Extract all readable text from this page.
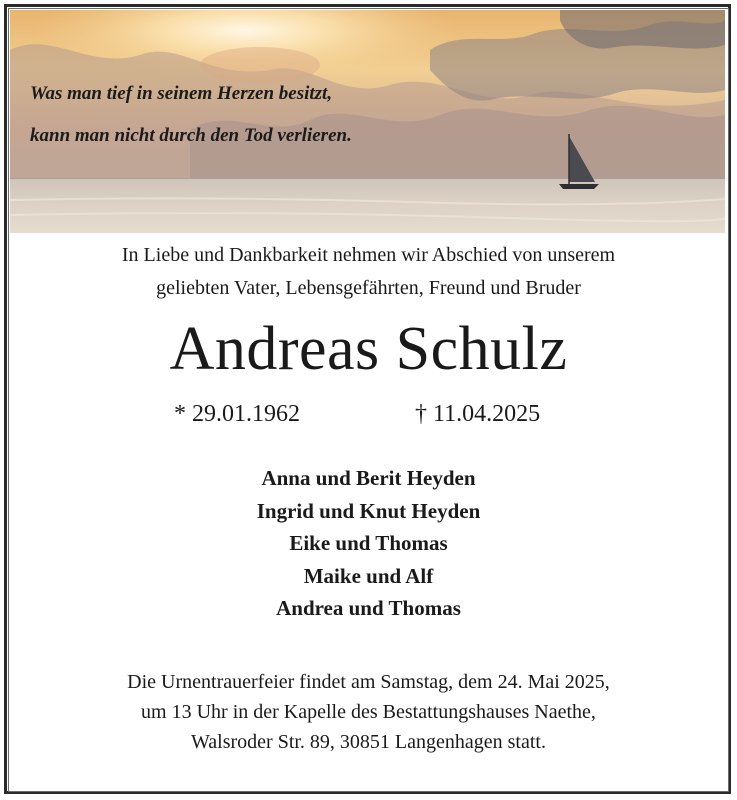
Was man tief in seinem Herzen besitzt,
kann man nicht durch den Tod verlieren.
In Liebe und Dankbarkeit nehmen wir Abschied von unserem
geliebten Vater, Lebensgefährten, Freund und Bruder
Andreas Schulz
* 29.01.1962	† 11.04.2025
Anna und Berit Heyden
Ingrid und Knut Heyden
Eike und Thomas
Maike und Alf
Andrea und Thomas
Die Urnentrauerfeier findet am Samstag, dem 24. Mai 2025,
um 13 Uhr in der Kapelle des Bestattungshauses Naethe,
Walsroder Str. 89, 30851 Langenhagen statt.
